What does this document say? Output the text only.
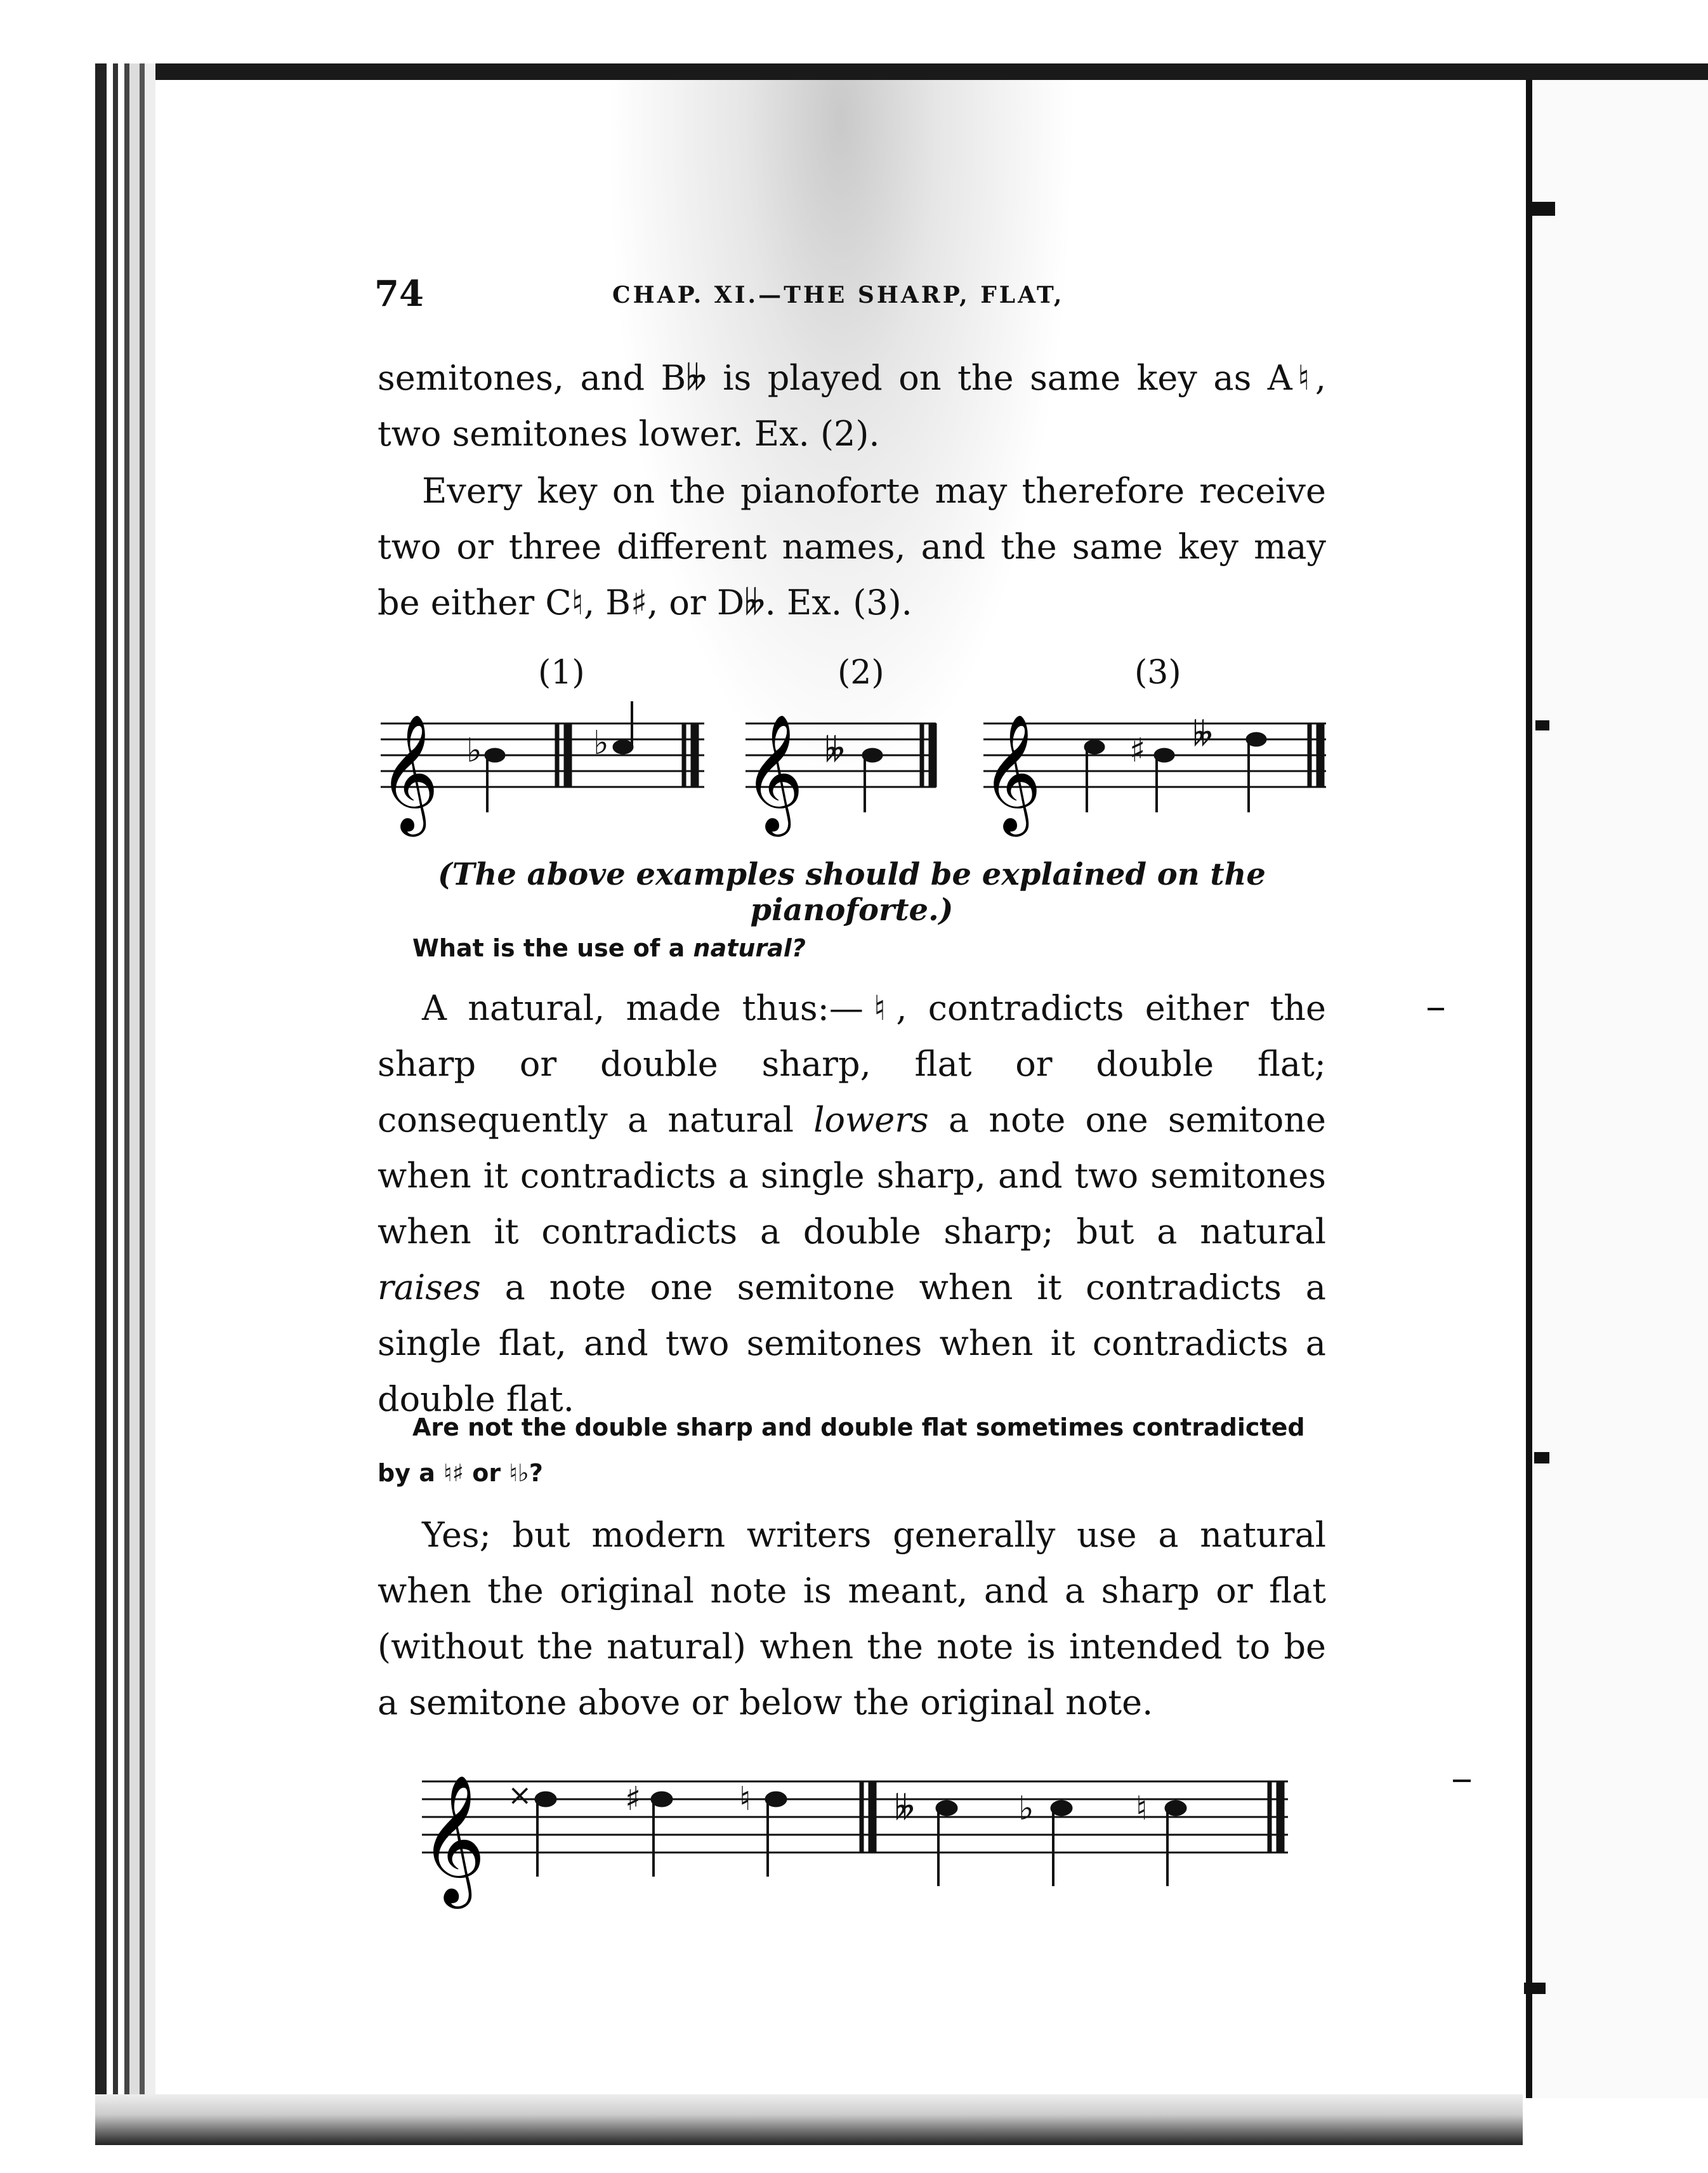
74	CHAP. XI.—THE SHARP, FLAT,

semitones, and B𝄫 is played on the same key as A♮, two semitones lower. Ex. (2).

Every key on the pianoforte may therefore receive two or three different names, and the same key may be either C♮, B♯, or D𝄫. Ex. (3).

(1)	(2)	(3)
𝄞	𝄞 𝄞
♭	♭	𝄫	♯ 𝄫

(The above examples should be explained on the pianoforte.)

What is the use of a natural?

A natural, made thus:—♮, contradicts either the sharp or double sharp, flat or double flat; consequently a natural lowers a note one semitone when it contradicts a single sharp, and two semitones when it contradicts a double sharp; but a natural raises a note one semitone when it contradicts a single flat, and two semitones when it contradicts a double flat.

Are not the double sharp and double flat sometimes contradicted by a ♮♯ or ♮♭?

Yes; but modern writers generally use a natural when the original note is meant, and a sharp or flat (without the natural) when the note is intended to be a semitone above or below the original note.

𝄞 ×	♯	♮	𝄫	♭	♮
